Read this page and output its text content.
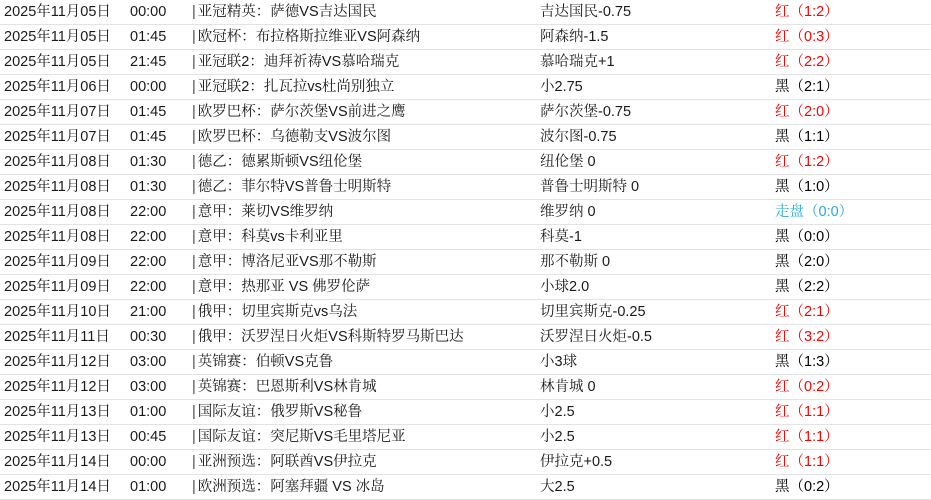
2025年11月05日	00:00	| 亚冠精英：萨德VS吉达国民	吉达国民-0.75	红（1:2）
2025年11月05日	01:45	| 欧冠杯：布拉格斯拉维亚VS阿森纳	阿森纳-1.5	红（0:3）
2025年11月05日	21:45	| 亚冠联2：迪拜祈祷VS慕哈瑞克	慕哈瑞克+1	红（2:2）
2025年11月06日	00:00	| 亚冠联2：扎瓦拉vs杜尚别独立	小2.75	黑（2:1）
2025年11月07日	01:45	| 欧罗巴杯：萨尔茨堡VS前进之鹰	萨尔茨堡-0.75	红（2:0）
2025年11月07日	01:45	| 欧罗巴杯：乌德勒支VS波尔图	波尔图-0.75	黑（1:1）
2025年11月08日	01:30	| 德乙：德累斯顿VS纽伦堡	纽伦堡 0	红（1:2）
2025年11月08日	01:30	| 德乙：菲尔特VS普鲁士明斯特	普鲁士明斯特 0	黑（1:0）
2025年11月08日	22:00	| 意甲：莱切VS维罗纳	维罗纳 0	走盘（0:0）
2025年11月08日	22:00	| 意甲：科莫vs卡利亚里	科莫-1	黑（0:0）
2025年11月09日	22:00	| 意甲：博洛尼亚VS那不勒斯	那不勒斯 0	黑（2:0）
2025年11月09日	22:00	| 意甲：热那亚 VS 佛罗伦萨	小球2.0	黑（2:2）
2025年11月10日	21:00	| 俄甲：切里宾斯克vs乌法	切里宾斯克-0.25	红（2:1）
2025年11月11日	00:30	| 俄甲：沃罗涅日火炬VS科斯特罗马斯巴达	沃罗涅日火炬-0.5	红（3:2）
2025年11月12日	03:00	| 英锦赛：伯顿VS克鲁	小3球	黑（1:3）
2025年11月12日	03:00	| 英锦赛：巴恩斯利VS林肯城	林肯城 0	红（0:2）
2025年11月13日	01:00	| 国际友谊：俄罗斯VS秘鲁	小2.5	红（1:1）
2025年11月13日	00:45	| 国际友谊：突尼斯VS毛里塔尼亚	小2.5	红（1:1）
2025年11月14日	00:00	| 亚洲预选：阿联酋VS伊拉克	伊拉克+0.5	红（1:1）
2025年11月14日	01:00	| 欧洲预选：阿塞拜疆 VS 冰岛	大2.5	黑（0:2）
